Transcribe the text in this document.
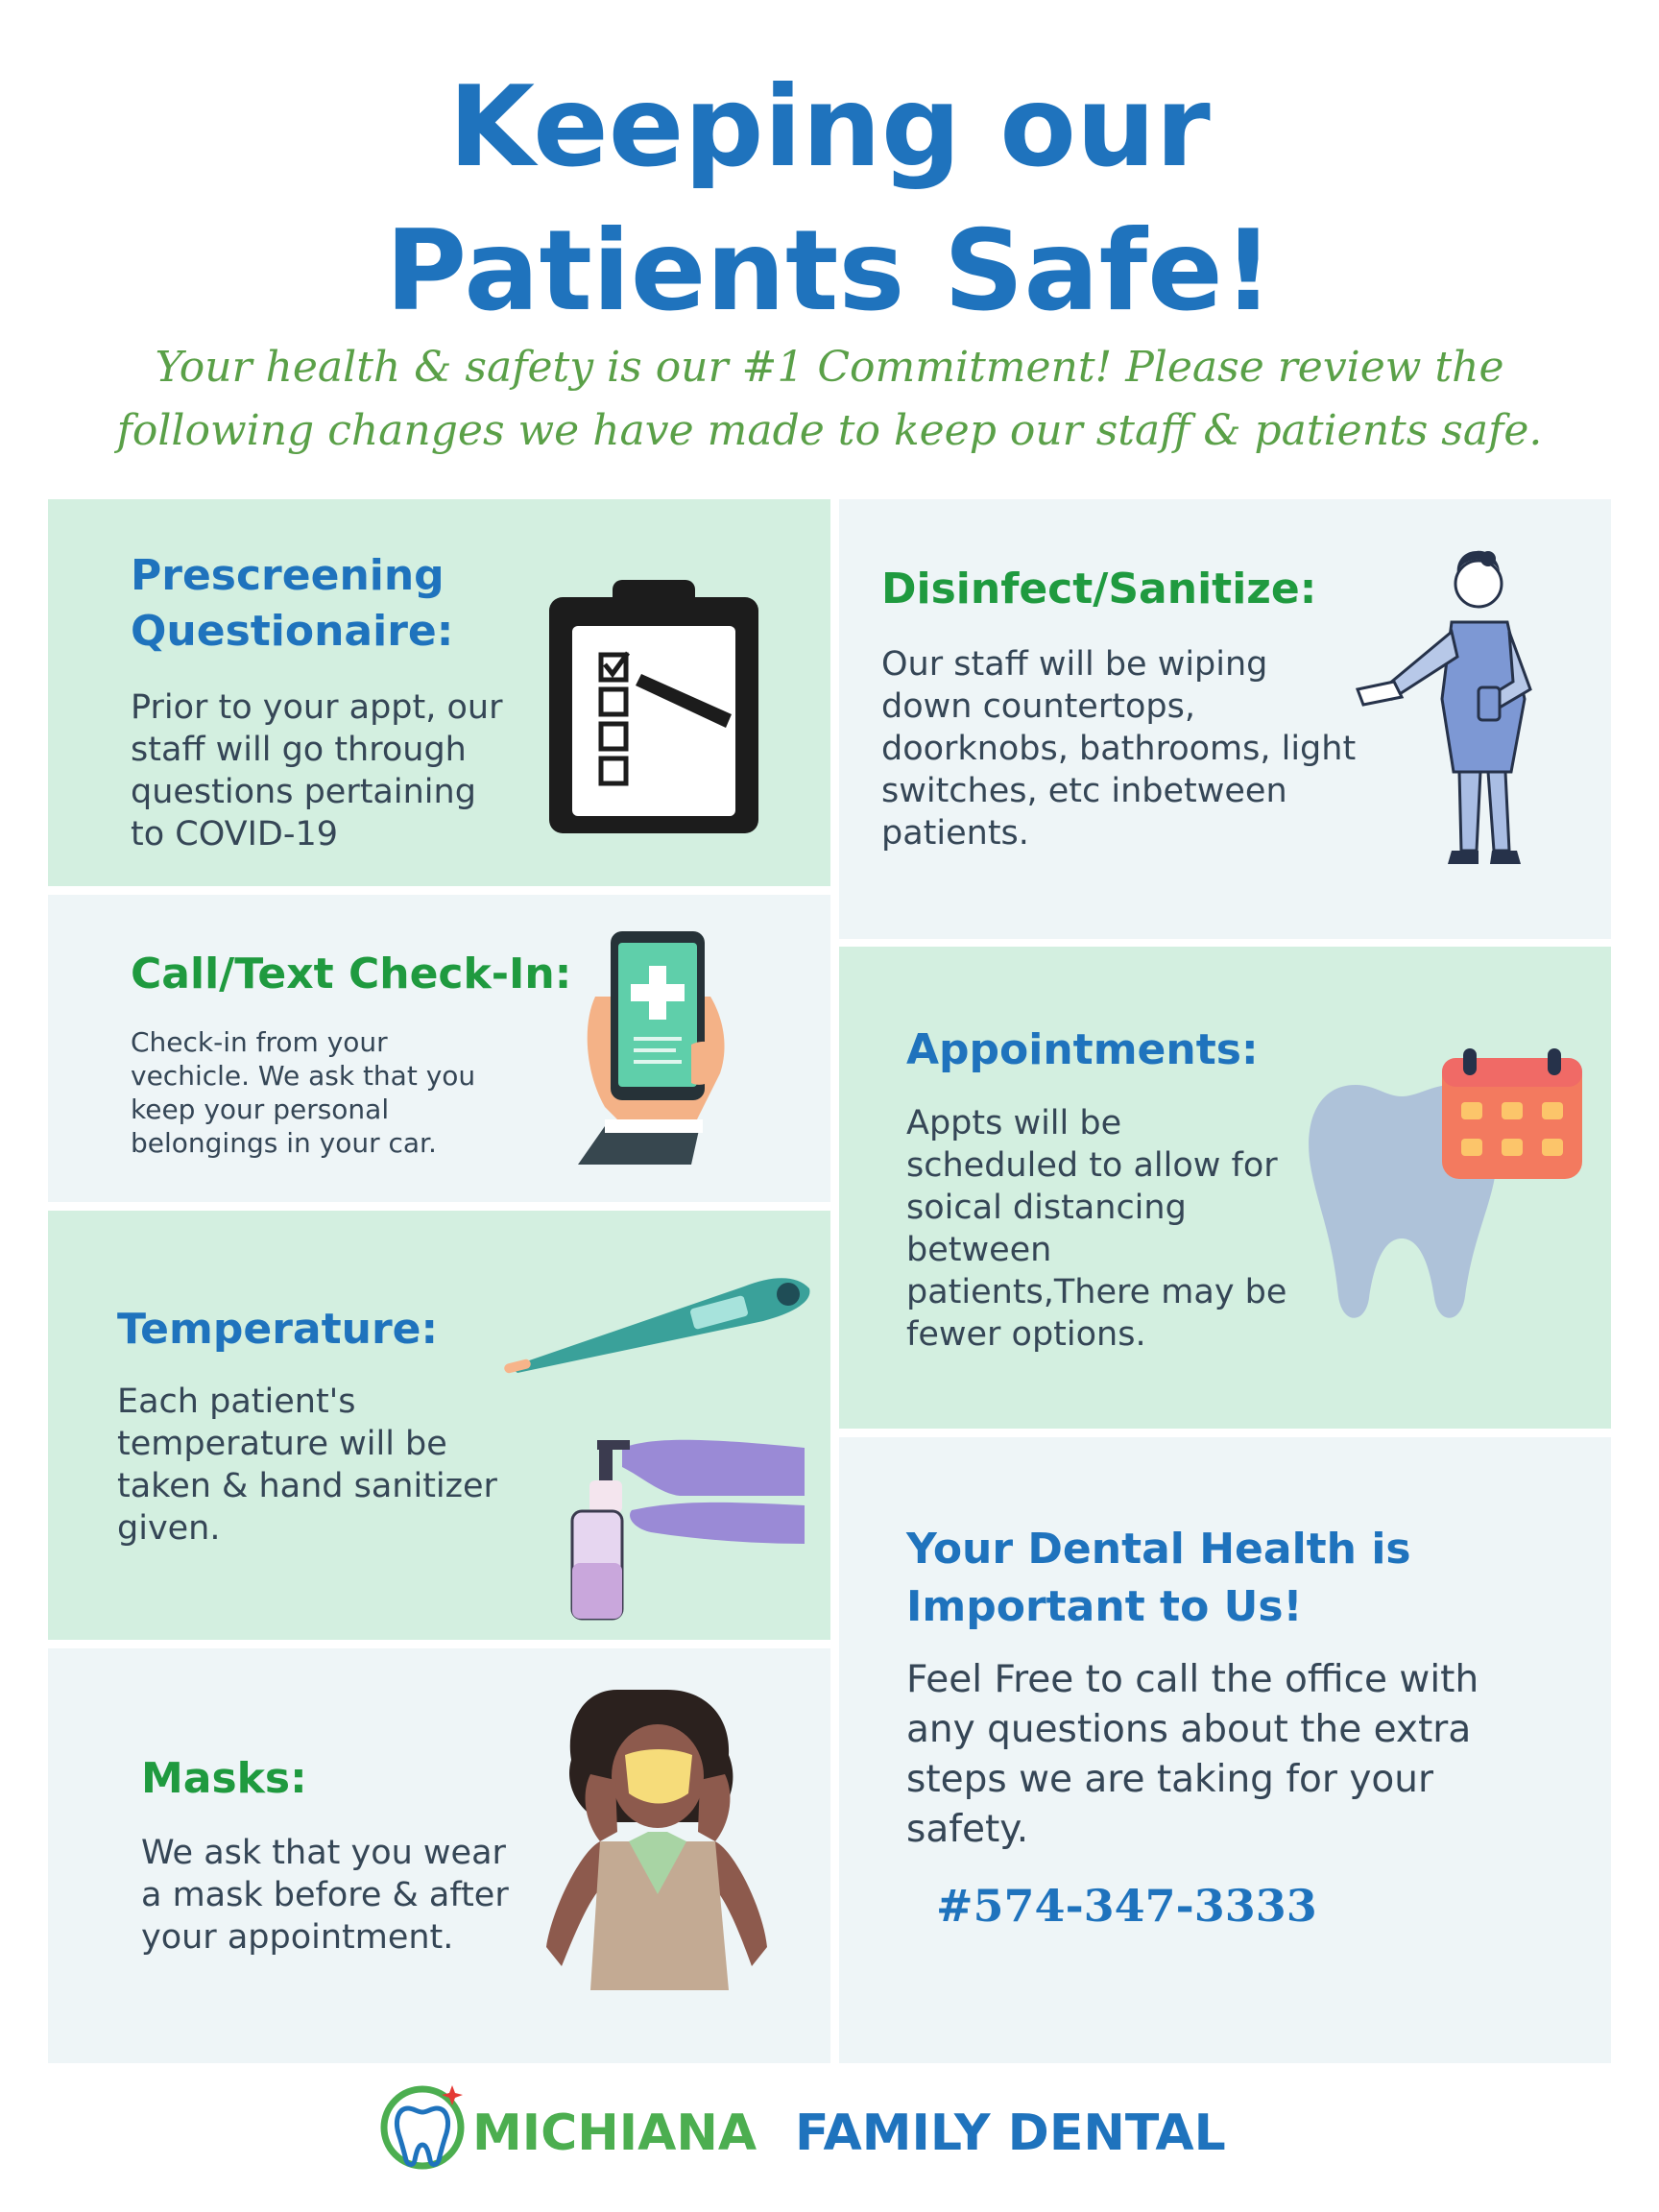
Keeping our
Patients Safe!

Your health & safety is our #1 Commitment! Please review the

following changes we have made to keep our staff & patients safe.

Prescreening

Questionaire:

Prior to your appt, our

staff will go through

questions pertaining

to COVID-19

Call/Text Check-In:

Check-in from your

vechicle. We ask that you

keep your personal

belongings in your car.

Temperature:

Each patient's

temperature will be

taken & hand sanitizer

given.

Masks:

We ask that you wear

a mask before & after

your appointment.

Disinfect/Sanitize:

Our staff will be wiping

down countertops,

doorknobs, bathrooms, light

switches, etc inbetween

patients.

Appointments:

Appts will be

scheduled to allow for

soical distancing

between

patients,There may be

fewer options.

Your Dental Health is

Important to Us!

Feel Free to call the office with

any questions about the extra

steps we are taking for your

safety.

#574-347-3333

MICHIANA FAMILY DENTAL
